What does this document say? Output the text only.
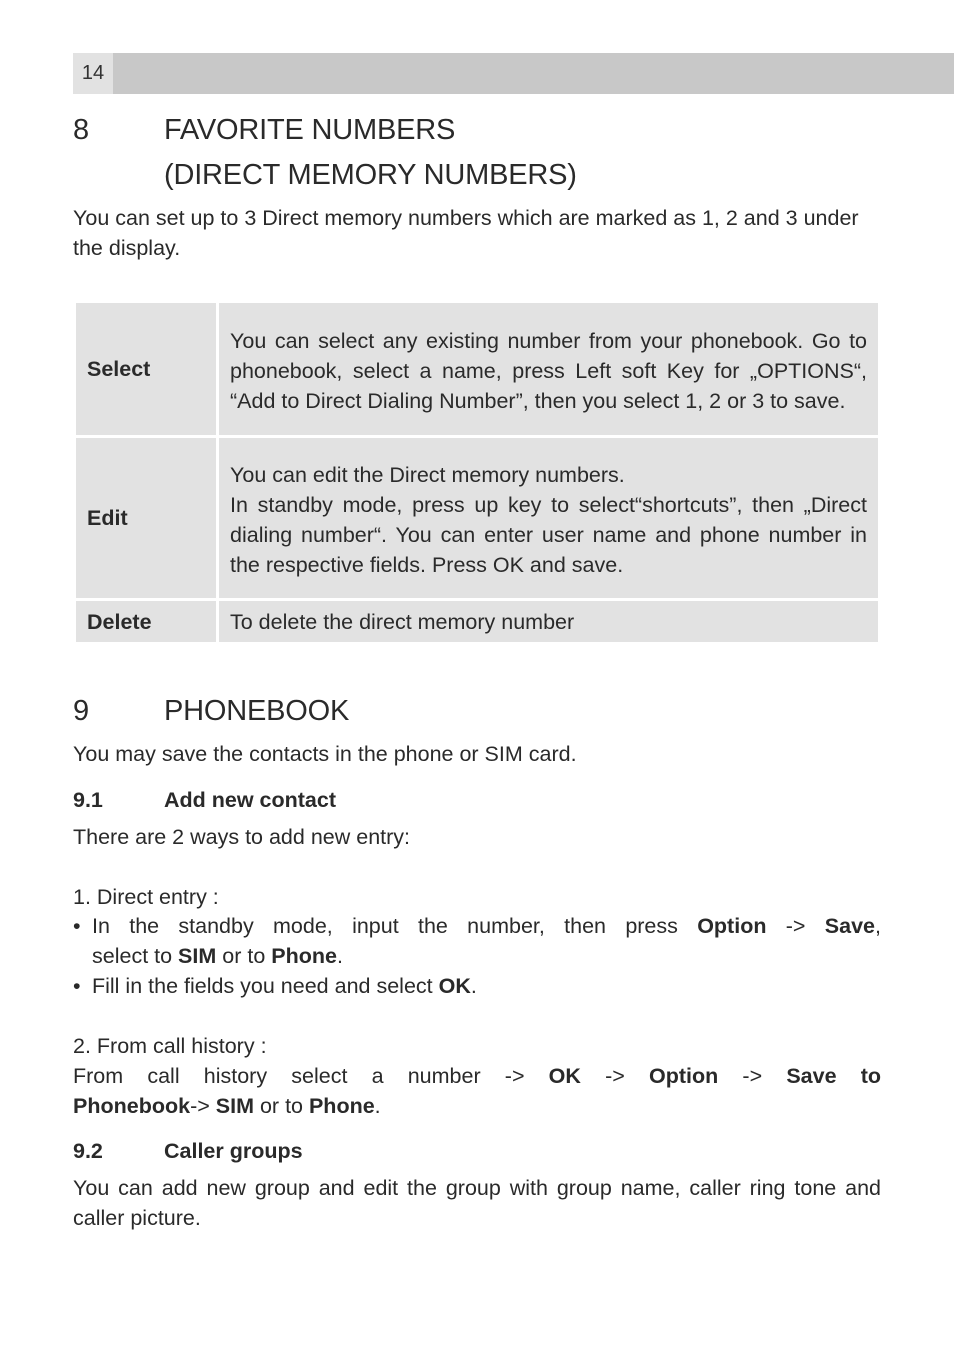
14
8	FAVORITE NUMBERS
(DIRECT MEMORY NUMBERS)
You can set up to 3 Direct memory numbers which are marked as 1, 2 and 3 under the display.
Select	You can select any existing number from your phonebook. Go to phonebook, select a name, press Left soft Key for „OPTIONS“, “Add to Direct Dialing Number”, then you select 1, 2 or 3 to save.
Edit	You can edit the Direct memory numbers.
In standby mode, press up key to select“shortcuts”, then „Direct dialing number“. You can enter user name and phone number in the respective fields. Press OK and save.

Delete	To delete the direct memory number
9	PHONEBOOK
You may save the contacts in the phone or SIM card.
9.1	Add new contact
There are 2 ways to add new entry:
1. Direct entry :
• In the standby mode, input the number, then press Option -> Save,
select to SIM or to Phone.
• Fill in the fields you need and select OK.
2. From call history :
From call history select a number -> OK -> Option -> Save to
Phonebook-> SIM or to Phone.
9.2	Caller groups
You can add new group and edit the group with group name, caller ring tone and caller picture.
